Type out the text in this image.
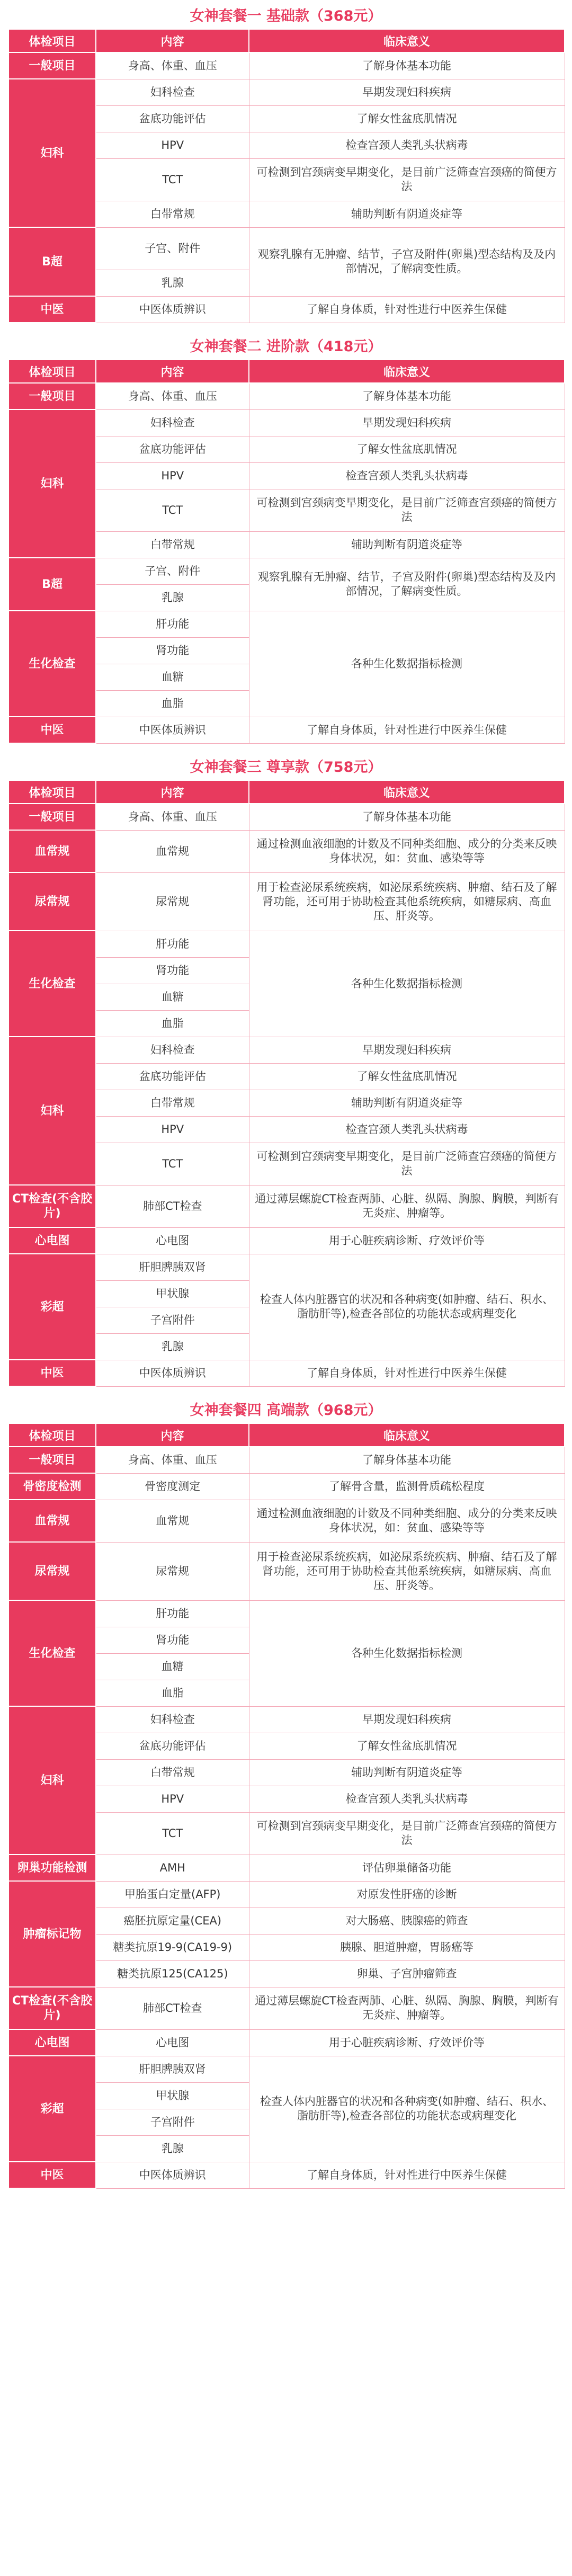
女神套餐一 基础款（368元）
体检项目	内容	临床意义
一般项目	身高、体重、血压	了解身体基本功能
妇科	妇科检查	早期发现妇科疾病
	盆底功能评估	了解女性盆底肌情况
	HPV	检查宫颈人类乳头状病毒
	TCT	可检测到宫颈病变早期变化，是目前广泛筛查宫颈癌的简便方法
	白带常规	辅助判断有阴道炎症等
B超	子宫、附件	观察乳腺有无肿瘤、结节，子宫及附件(卵巢)型态结构及及内部情况，了解病变性质。
	乳腺	
中医	中医体质辨识	了解自身体质，针对性进行中医养生保健
女神套餐二 进阶款（418元）
体检项目	内容	临床意义
一般项目	身高、体重、血压	了解身体基本功能
妇科	妇科检查	早期发现妇科疾病
	盆底功能评估	了解女性盆底肌情况
	HPV	检查宫颈人类乳头状病毒
	TCT	可检测到宫颈病变早期变化，是目前广泛筛查宫颈癌的简便方法
	白带常规	辅助判断有阴道炎症等
B超	子宫、附件	观察乳腺有无肿瘤、结节，子宫及附件(卵巢)型态结构及及内部情况，了解病变性质。
	乳腺	
生化检查	肝功能	各种生化数据指标检测
	肾功能	
	血糖	
	血脂	
中医	中医体质辨识	了解自身体质，针对性进行中医养生保健
女神套餐三 尊享款（758元）
体检项目	内容	临床意义
一般项目	身高、体重、血压	了解身体基本功能
血常规	血常规	通过检测血液细胞的计数及不同种类细胞、成分的分类来反映身体状况，如：贫血、感染等等
尿常规	尿常规	用于检查泌尿系统疾病，如泌尿系统疾病、肿瘤、结石及了解肾功能，还可用于协助检查其他系统疾病，如糖尿病、高血压、肝炎等。
生化检查	肝功能	各种生化数据指标检测
	肾功能	
	血糖	
	血脂	
妇科	妇科检查	早期发现妇科疾病
	盆底功能评估	了解女性盆底肌情况
	白带常规	辅助判断有阴道炎症等
	HPV	检查宫颈人类乳头状病毒
	TCT	可检测到宫颈病变早期变化，是目前广泛筛查宫颈癌的简便方法
CT检查(不含胶片)	肺部CT检查	通过薄层螺旋CT检查两肺、心脏、纵隔、胸腺、胸膜，判断有无炎症、肿瘤等。
心电图	心电图	用于心脏疾病诊断、疗效评价等
彩超	肝胆脾胰双肾	检查人体内脏器官的状况和各种病变(如肿瘤、结石、积水、脂肪肝等),检查各部位的功能状态或病理变化
	甲状腺	
	子宫附件	
	乳腺	
中医	中医体质辨识	了解自身体质，针对性进行中医养生保健
女神套餐四 高端款（968元）
体检项目	内容	临床意义
一般项目	身高、体重、血压	了解身体基本功能
骨密度检测	骨密度测定	了解骨含量，监测骨质疏松程度
血常规	血常规	通过检测血液细胞的计数及不同种类细胞、成分的分类来反映身体状况，如：贫血、感染等等
尿常规	尿常规	用于检查泌尿系统疾病，如泌尿系统疾病、肿瘤、结石及了解肾功能，还可用于协助检查其他系统疾病，如糖尿病、高血压、肝炎等。
生化检查	肝功能	各种生化数据指标检测
	肾功能	
	血糖	
	血脂	
妇科	妇科检查	早期发现妇科疾病
	盆底功能评估	了解女性盆底肌情况
	白带常规	辅助判断有阴道炎症等
	HPV	检查宫颈人类乳头状病毒
	TCT	可检测到宫颈病变早期变化，是目前广泛筛查宫颈癌的简便方法
卵巢功能检测	AMH	评估卵巢储备功能
肿瘤标记物	甲胎蛋白定量(AFP)	对原发性肝癌的诊断
	癌胚抗原定量(CEA)	对大肠癌、胰腺癌的筛查
	糖类抗原19-9(CA19-9)	胰腺、胆道肿瘤，胃肠癌等
	糖类抗原125(CA125)	卵巢、子宫肿瘤筛查
CT检查(不含胶片)	肺部CT检查	通过薄层螺旋CT检查两肺、心脏、纵隔、胸腺、胸膜，判断有无炎症、肿瘤等。
心电图	心电图	用于心脏疾病诊断、疗效评价等
彩超	肝胆脾胰双肾	检查人体内脏器官的状况和各种病变(如肿瘤、结石、积水、脂肪肝等),检查各部位的功能状态或病理变化
	甲状腺	
	子宫附件	
	乳腺	
中医	中医体质辨识	了解自身体质，针对性进行中医养生保健
